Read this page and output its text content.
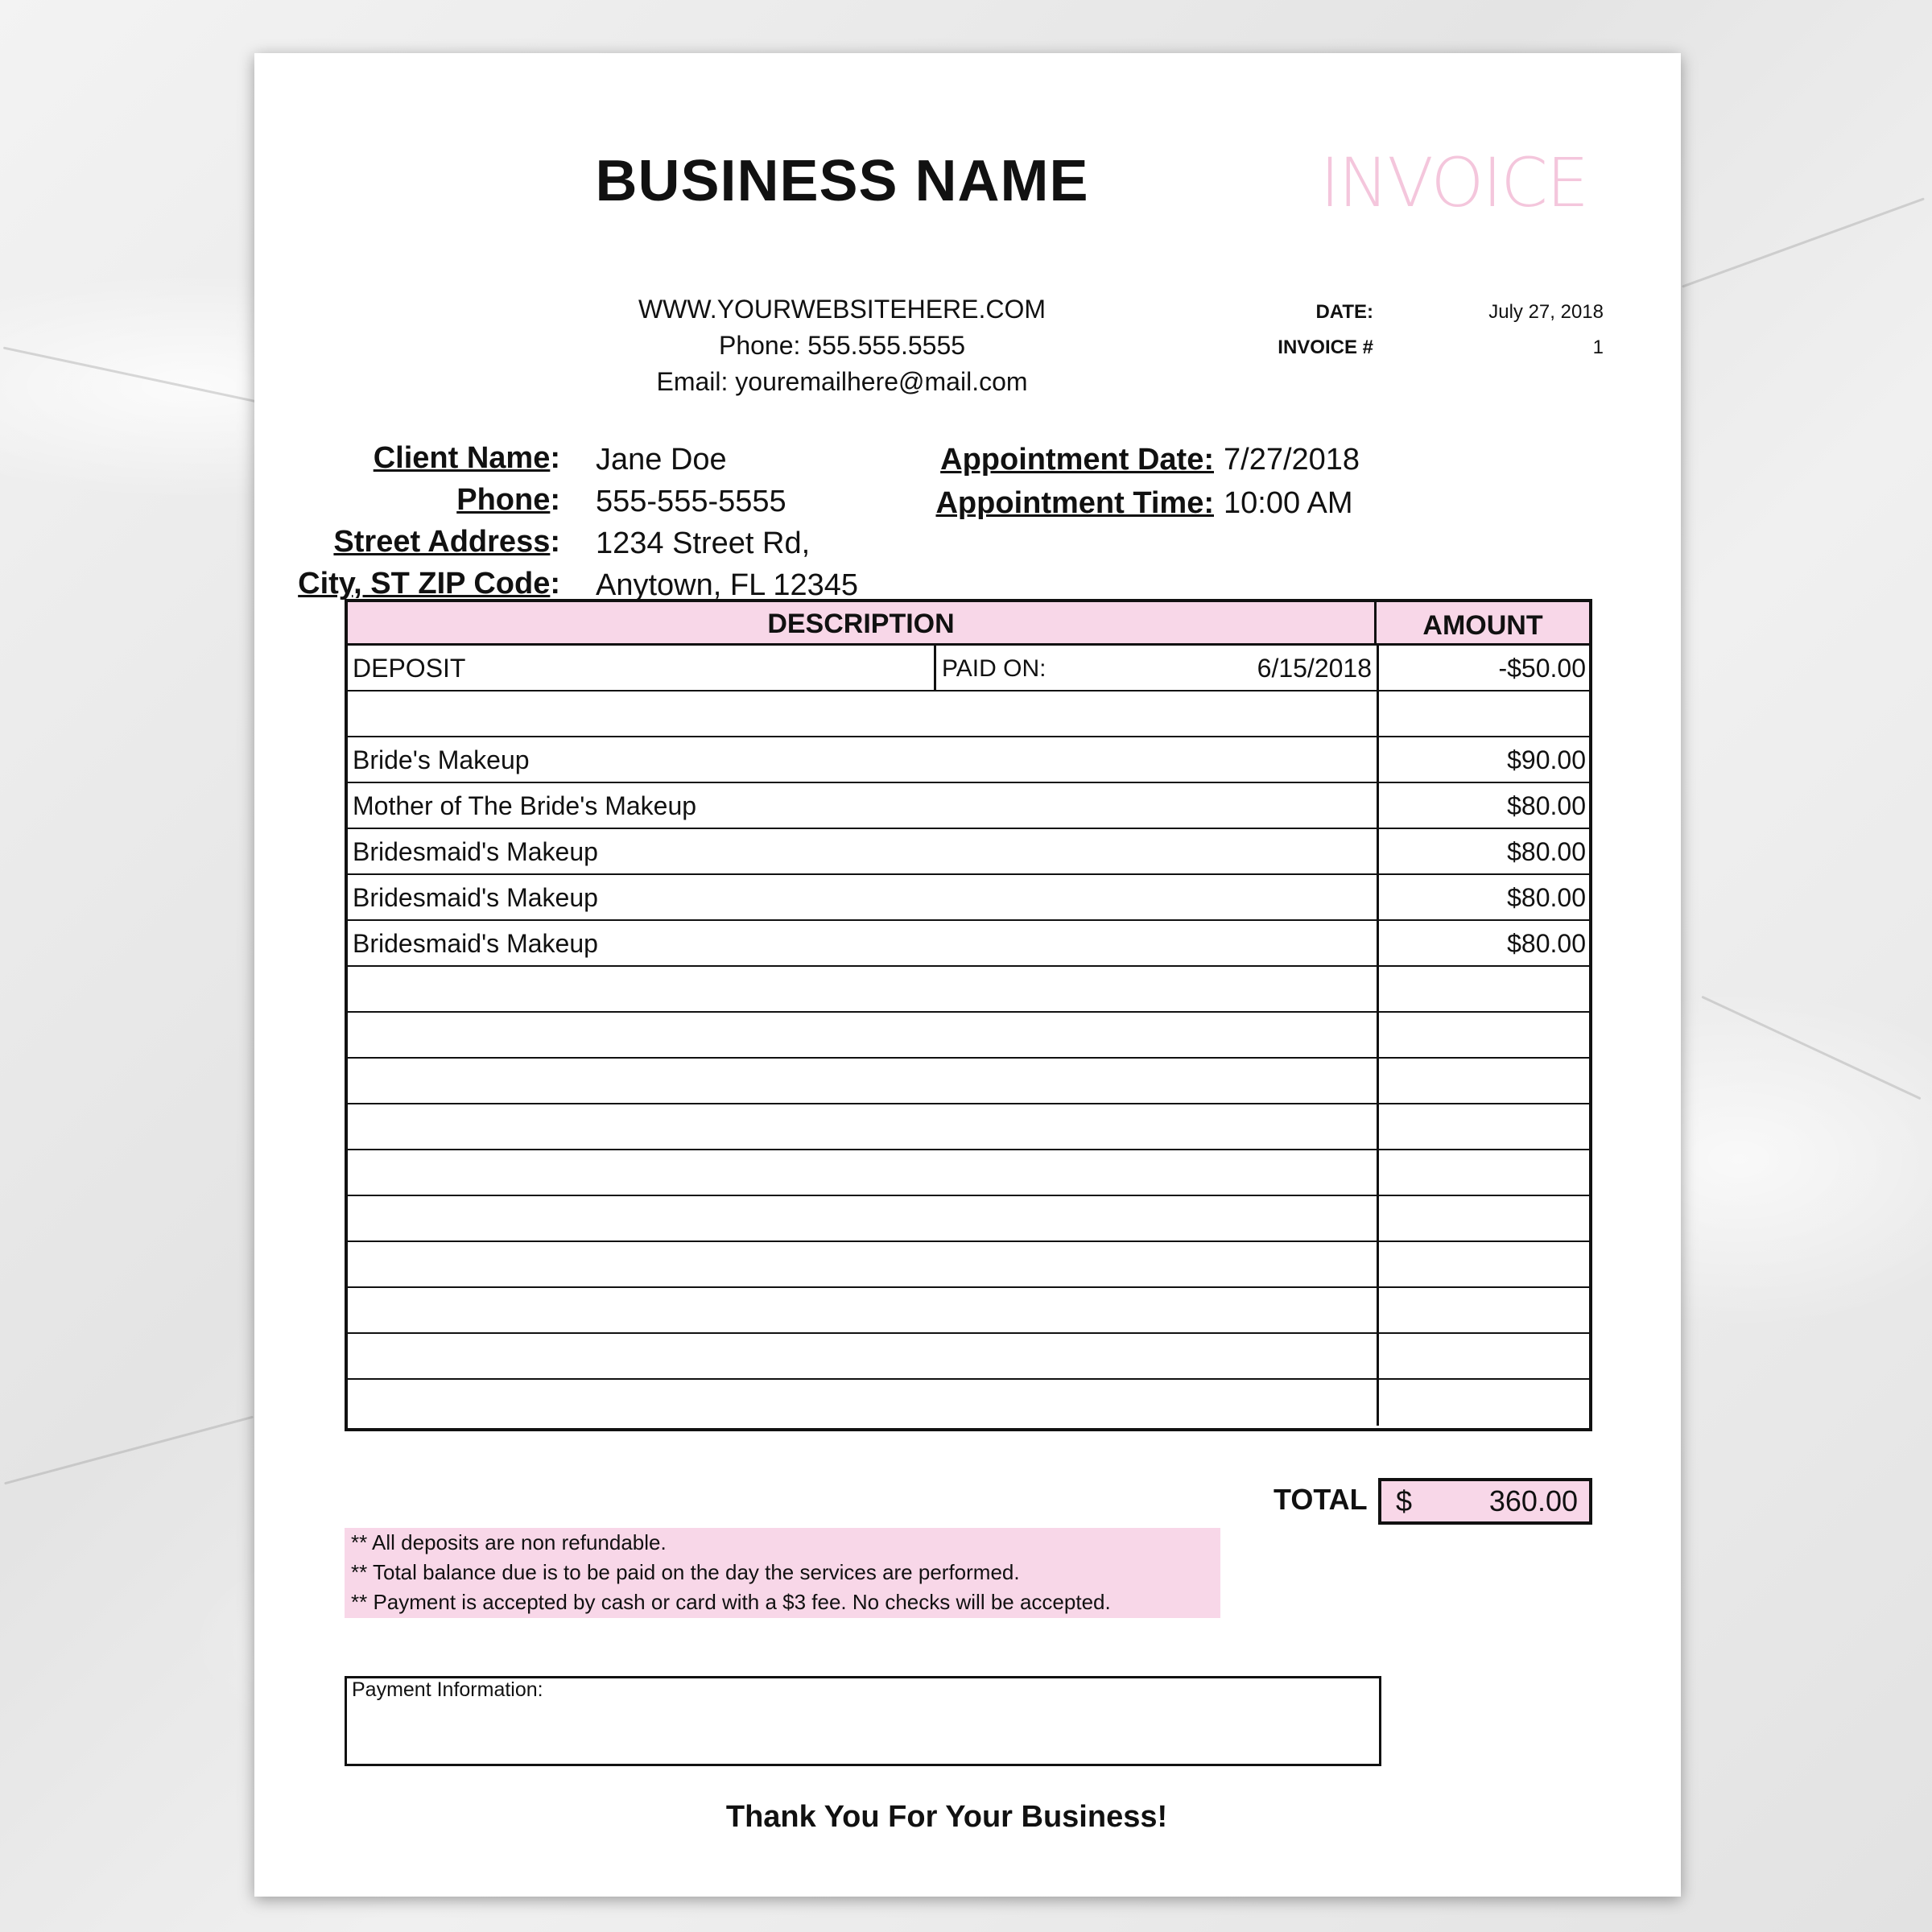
BUSINESS NAME
WWW.YOURWEBSITEHERE.COM
Phone: 555.555.5555
Email: youremailhere@mail.com
INVOICE
DATE:	July 27, 2018
INVOICE #	1
Client Name: Jane Doe
Phone: 555-555-5555
Street Address: 1234 Street Rd,
City, ST ZIP Code: Anytown, FL 12345
Appointment Date: 7/27/2018
Appointment Time: 10:00 AM
DESCRIPTION	AMOUNT
DEPOSIT	PAID ON:	6/15/2018	-$50.00
Bride's Makeup	$90.00
Mother of The Bride's Makeup	$80.00
Bridesmaid's Makeup	$80.00
Bridesmaid's Makeup	$80.00
Bridesmaid's Makeup	$80.00
TOTAL $	360.00
** All deposits are non refundable.
** Total balance due is to be paid on the day the services are performed.
** Payment is accepted by cash or card with a $3 fee. No checks will be accepted.
Payment Information:
Thank You For Your Business!
